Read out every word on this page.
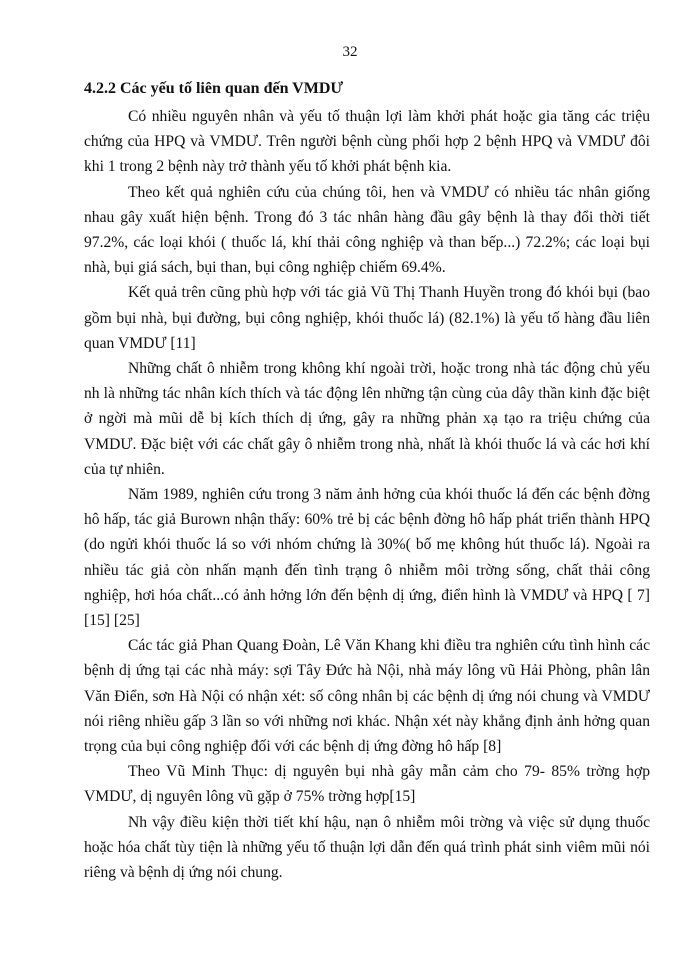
32
4.2.2 Các yếu tố liên quan đến VMDƯ

Có nhiều nguyên nhân và yếu tố thuận lợi làm khởi phát hoặc gia tăng các triệu chứng của HPQ và VMDƯ. Trên người bệnh cùng phối hợp 2 bệnh HPQ và VMDƯ đôi khi 1 trong 2 bệnh này trở thành yếu tố khởi phát bệnh kia.

Theo kết quả nghiên cứu của chúng tôi, hen và VMDƯ có nhiều tác nhân giống nhau gây xuất hiện bệnh. Trong đó 3 tác nhân hàng đầu gây bệnh là thay đổi thời tiết 97.2%, các loại khói ( thuốc lá, khí thải công nghiệp và than bếp...) 72.2%; các loại bụi nhà, bụi giá sách, bụi than, bụi công nghiệp chiếm 69.4%.

Kết quả trên cũng phù hợp với tác giả Vũ Thị Thanh Huyền trong đó khói bụi (bao gồm bụi nhà, bụi đường, bụi công nghiệp, khói thuốc lá) (82.1%) là yếu tố hàng đầu liên quan VMDƯ [11]

Những chất ô nhiễm trong không khí ngoài trời, hoặc trong nhà tác động chủ yếu nh là những tác nhân kích thích và tác động lên những tận cùng của dây thần kinh đặc biệt ở ngời mà mũi dễ bị kích thích dị ứng, gây ra những phản xạ tạo ra triệu chứng của VMDƯ. Đặc biệt với các chất gây ô nhiễm trong nhà, nhất là khói thuốc lá và các hơi khí của tự nhiên.

Năm 1989, nghiên cứu trong 3 năm ảnh hởng của khói thuốc lá đến các bệnh đờng hô hấp, tác giả Burown nhận thấy: 60% trẻ bị các bệnh đờng hô hấp phát triển thành HPQ (do ngửi khói thuốc lá so với nhóm chứng là 30%( bố mẹ không hút thuốc lá). Ngoài ra nhiều tác giả còn nhấn mạnh đến tình trạng ô nhiễm môi trờng sống, chất thải công nghiệp, hơi hóa chất...có ảnh hởng lớn đến bệnh dị ứng, điển hình là VMDƯ và HPQ [ 7] [15] [25]

Các tác giả Phan Quang Đoàn, Lê Văn Khang khi điều tra nghiên cứu tình hình các bệnh dị ứng tại các nhà máy: sợi Tây Đức hà Nội, nhà máy lông vũ Hải Phòng, phân lân Văn Điển, sơn Hà Nội có nhận xét: số công nhân bị các bệnh dị ứng nói chung và VMDƯ nói riêng nhiều gấp 3 lần so với những nơi khác. Nhận xét này khẳng định ảnh hởng quan trọng của bụi công nghiệp đối với các bệnh dị ứng đờng hô hấp [8]

Theo Vũ Minh Thục: dị nguyên bụi nhà gây mẫn cảm cho 79- 85% trờng hợp VMDƯ, dị nguyên lông vũ gặp ở 75% trờng hợp[15]

Nh vậy điều kiện thời tiết khí hậu, nạn ô nhiễm môi trờng và việc sử dụng thuốc hoặc hóa chất tùy tiện là những yếu tố thuận lợi dẫn đến quá trình phát sinh viêm mũi nói riêng và bệnh dị ứng nói chung.
